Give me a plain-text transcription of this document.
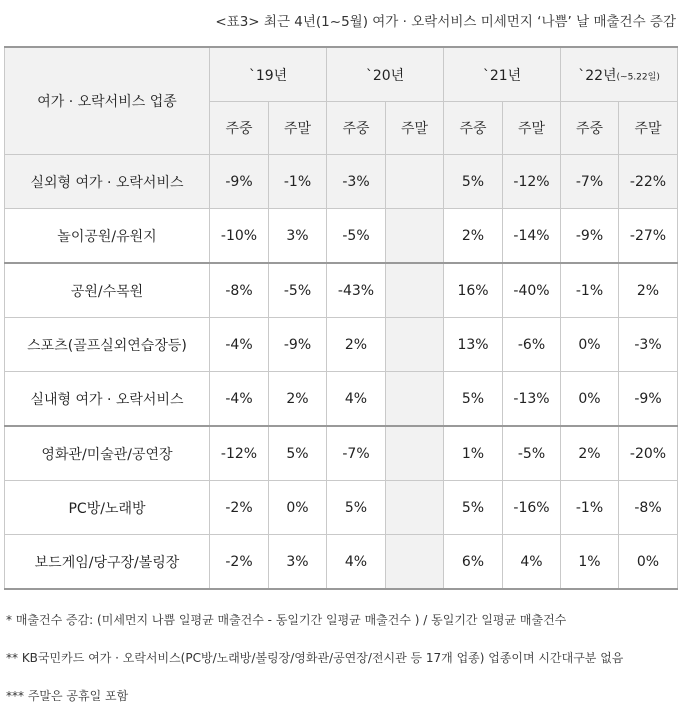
<표3> 최근 4년(1~5월) 여가 · 오락서비스 미세먼지 ‘나쁨’ 날 매출건수 증감
여가 · 오락서비스 업종	`19년		`20년		`21년		`22년(~5.22일)	
	주중	주말	주중	주말	주중	주말	주중	주말
실외형 여가 · 오락서비스	-9%	-1%	-3%		5%	-12%	-7%	-22%
놀이공원/유원지	-10%	3%	-5%		2%	-14%	-9%	-27%
공원/수목원	-8%	-5%	-43%		16%	-40%	-1%	2%
스포츠(골프실외연습장등)	-4%	-9%	2%		13%	-6%	0%	-3%
실내형 여가 · 오락서비스	-4%	2%	4%		5%	-13%	0%	-9%
영화관/미술관/공연장	-12%	5%	-7%		1%	-5%	2%	-20%
PC방/노래방	-2%	0%	5%		5%	-16%	-1%	-8%
보드게임/당구장/볼링장	-2%	3%	4%		6%	4%	1%	0%
* 매출건수 증감: (미세먼지 나쁨 일평균 매출건수 - 동일기간 일평균 매출건수 ) / 동일기간 일평균 매출건수
** KB국민카드 여가 · 오락서비스(PC방/노래방/볼링장/영화관/공연장/전시관 등 17개 업종) 업종이며 시간대구분 없음
*** 주말은 공휴일 포함
